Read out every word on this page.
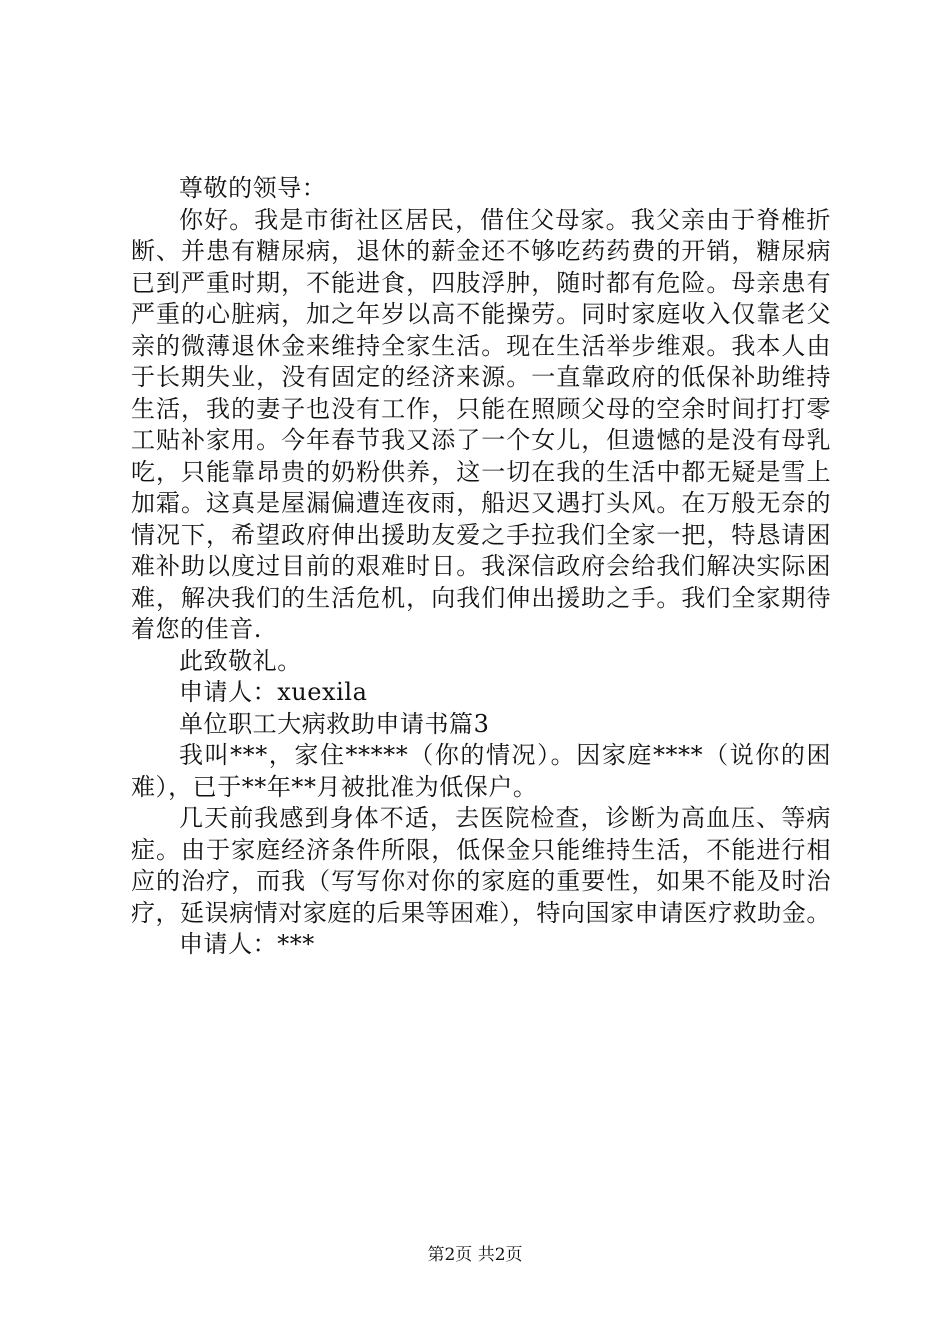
尊敬的领导：

你好。我是市街社区居民，借住父母家。我父亲由于脊椎折断、并患有糖尿病，退休的薪金还不够吃药药费的开销，糖尿病已到严重时期，不能进食，四肢浮肿，随时都有危险。母亲患有严重的心脏病，加之年岁以高不能操劳。同时家庭收入仅靠老父亲的微薄退休金来维持全家生活。现在生活举步维艰。我本人由于长期失业，没有固定的经济来源。一直靠政府的低保补助维持生活，我的妻子也没有工作，只能在照顾父母的空余时间打打零工贴补家用。今年春节我又添了一个女儿，但遗憾的是没有母乳吃，只能靠昂贵的奶粉供养，这一切在我的生活中都无疑是雪上加霜。这真是屋漏偏遭连夜雨，船迟又遇打头风。在万般无奈的情况下，希望政府伸出援助友爱之手拉我们全家一把，特恳请困难补助以度过目前的艰难时日。我深信政府会给我们解决实际困难，解决我们的生活危机，向我们伸出援助之手。我们全家期待着您的佳音.

此致敬礼。

申请人：xuexila

单位职工大病救助申请书篇3

我叫***，家住*****（你的情况）。因家庭****（说你的困难），已于**年**月被批准为低保户。

几天前我感到身体不适，去医院检查，诊断为高血压、等病症。由于家庭经济条件所限，低保金只能维持生活，不能进行相应的治疗，而我（写写你对你的家庭的重要性，如果不能及时治疗，延误病情对家庭的后果等困难），特向国家申请医疗救助金。

申请人：***

第2页 共2页
